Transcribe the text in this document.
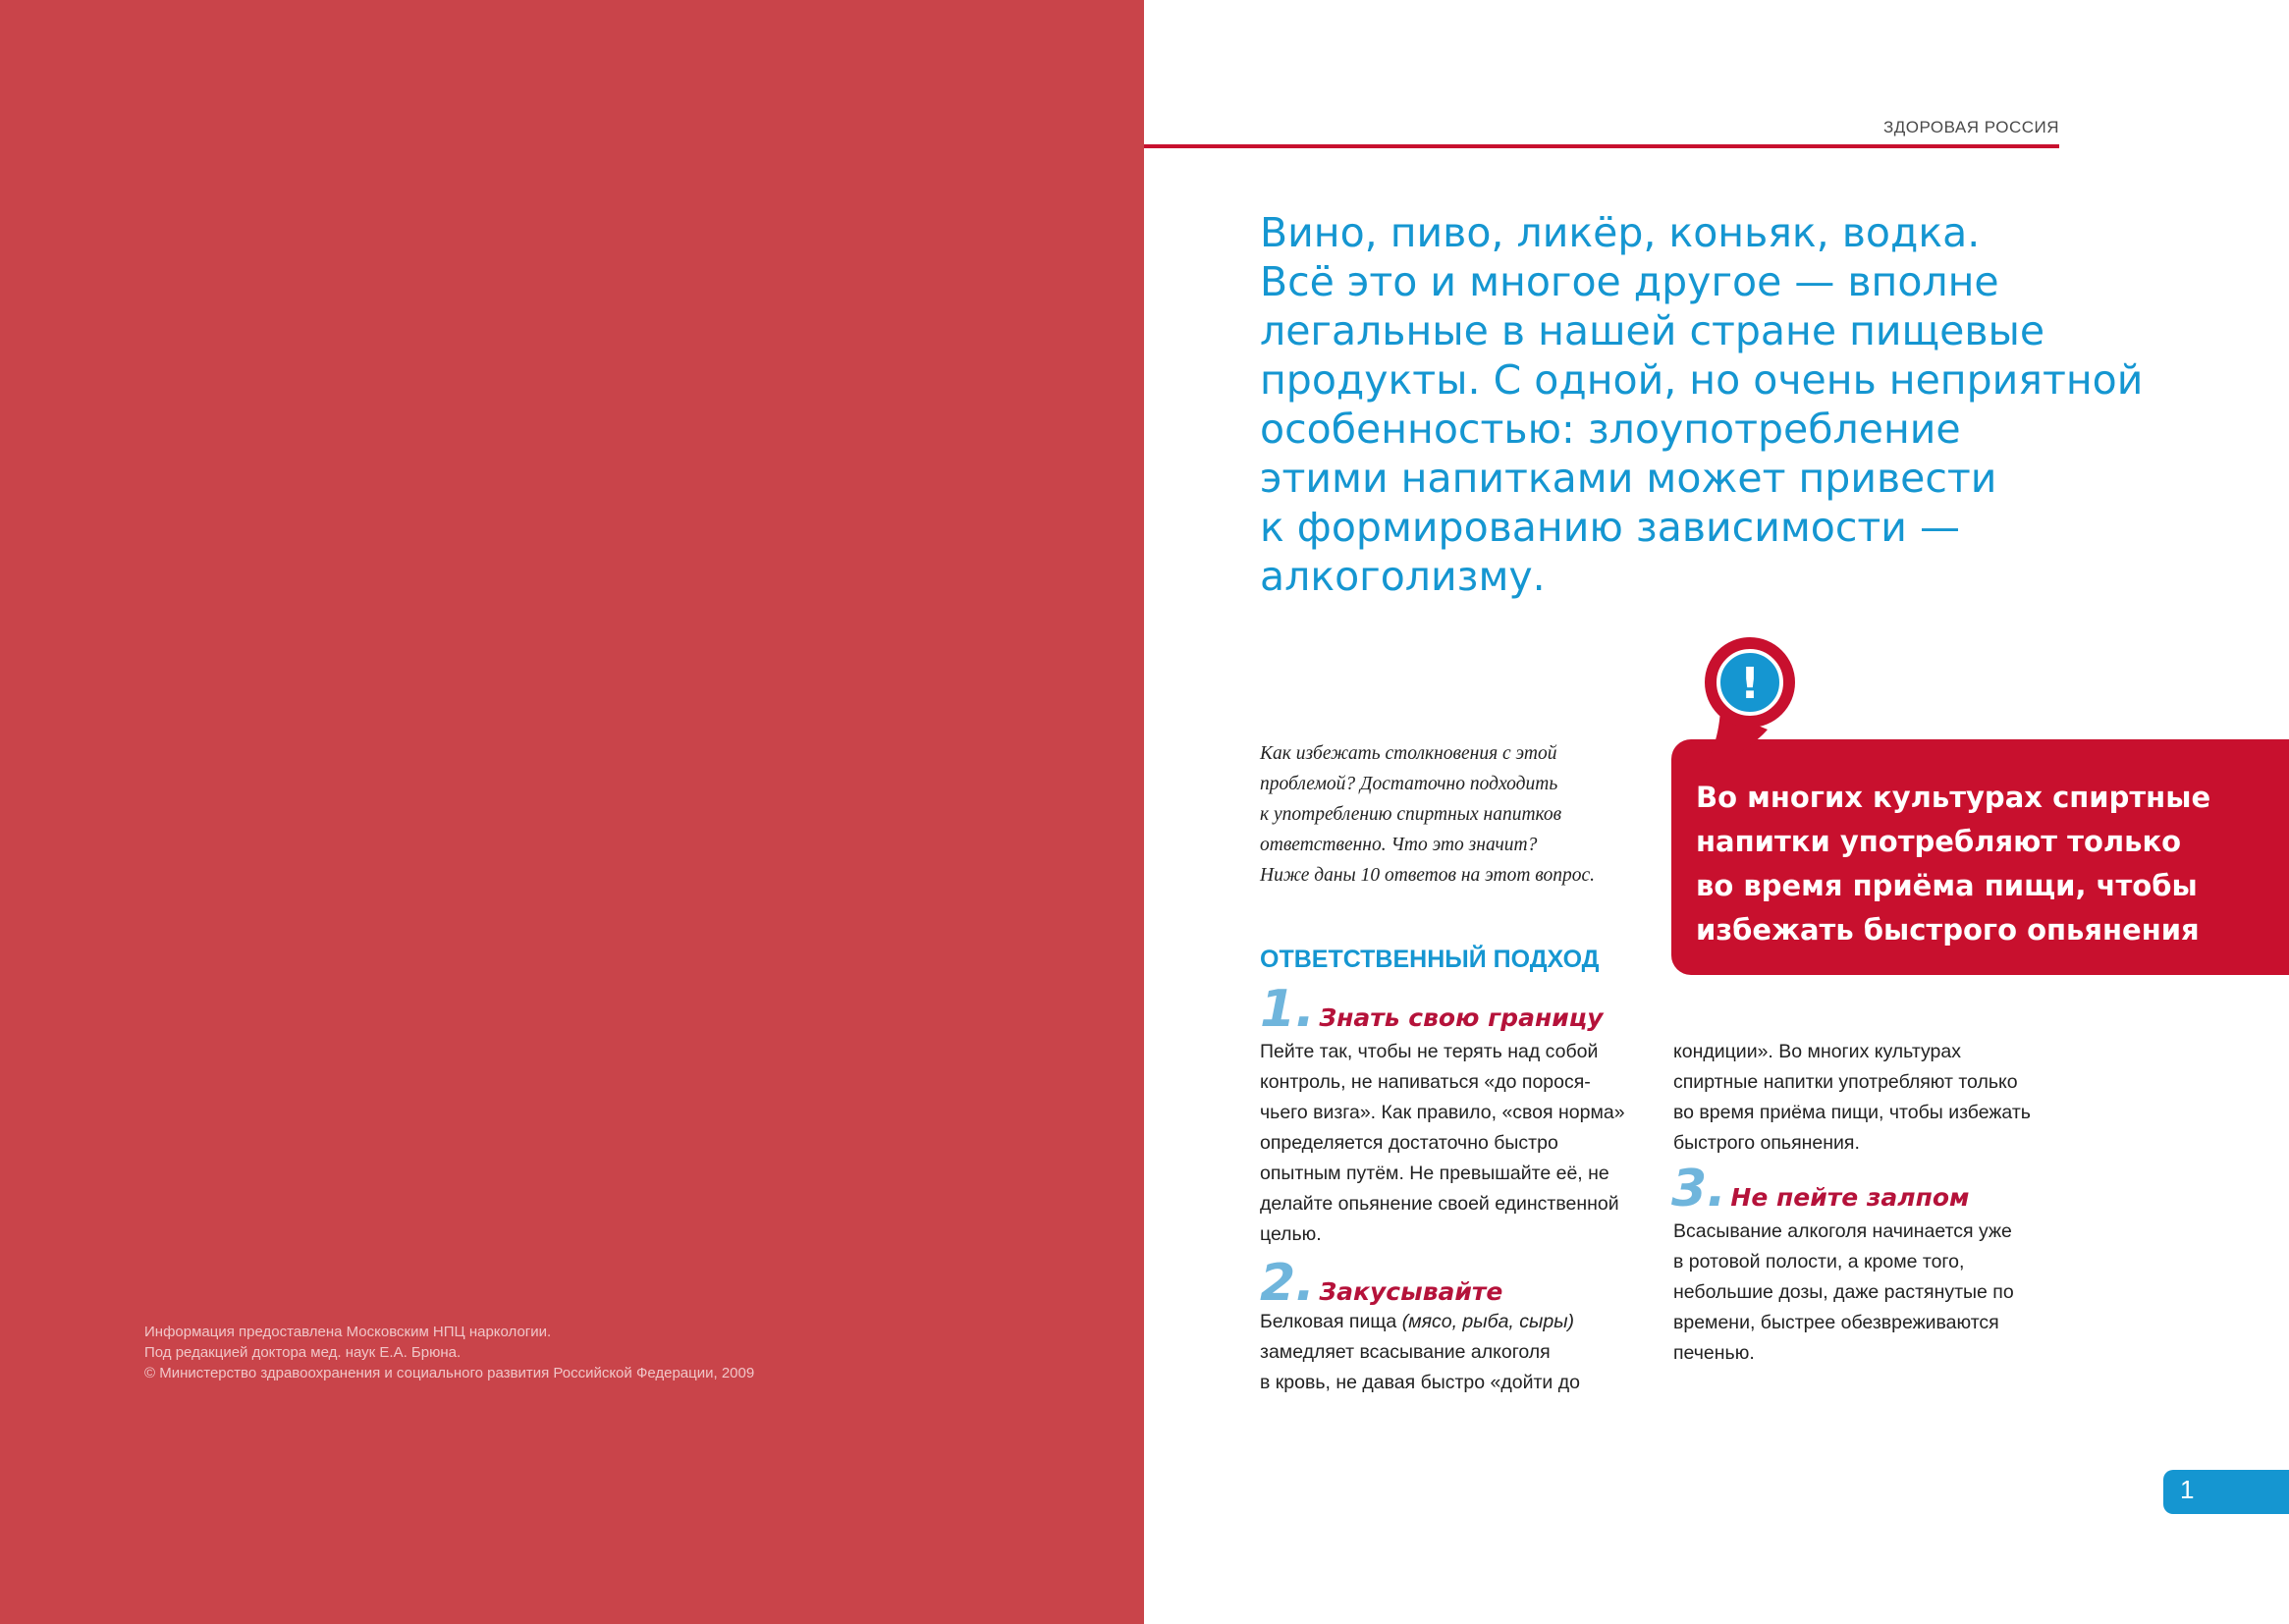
Информация предоставлена Московским НПЦ наркологии.
Под редакцией доктора мед. наук Е.А. Брюна.
© Министерство здравоохранения и социального развития Российской Федерации, 2009
ЗДОРОВАЯ РОССИЯ
Вино, пиво, ликёр, коньяк, водка.
Всё это и многое другое — вполне
легальные в нашей стране пищевые
продукты. С одной, но очень неприятной
особенностью: злоупотребление
этими напитками может привести
к формированию зависимости —
алкоголизму.
Как избежать столкновения с этой
проблемой? Достаточно подходить
к употреблению спиртных напитков
ответственно. Что это значит?
Ниже даны 10 ответов на этот вопрос.
!
Во многих культурах спиртные
напитки употребляют только
во время приёма пищи, чтобы
избежать быстрого опьянения
ОТВЕТСТВЕННЫЙ ПОДХОД
1. Знать свою границу
Пейте так, чтобы не терять над собой
контроль, не напиваться «до порося-
чьего визга». Как правило, «своя норма»
определяется достаточно быстро
опытным путём. Не превышайте её, не
делайте опьянение своей единственной
целью.
2. Закусывайте
Белковая пища (мясо, рыба, сыры)
замедляет всасывание алкоголя
в кровь, не давая быстро «дойти до
кондиции». Во многих культурах
спиртные напитки употребляют только
во время приёма пищи, чтобы избежать
быстрого опьянения.
3. Не пейте залпом
Всасывание алкоголя начинается уже
в ротовой полости, а кроме того,
небольшие дозы, даже растянутые по
времени, быстрее обезвреживаются
печенью.
1
